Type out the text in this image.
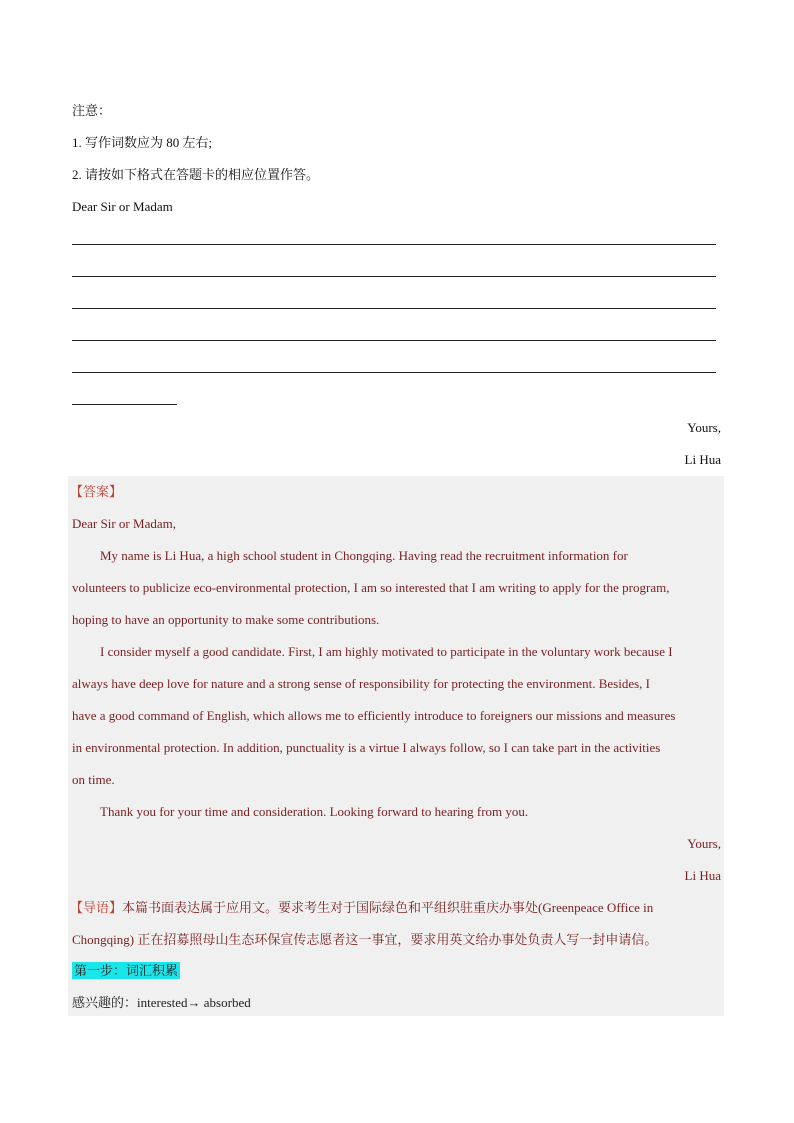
注意：
1. 写作词数应为 80 左右;
2. 请按如下格式在答题卡的相应位置作答。
Dear Sir or Madam
Yours,
Li Hua
【答案】
Dear Sir or Madam,
My name is Li Hua, a high school student in Chongqing. Having read the recruitment information for
volunteers to publicize eco-environmental protection, I am so interested that I am writing to apply for the program,
hoping to have an opportunity to make some contributions.
I consider myself a good candidate. First, I am highly motivated to participate in the voluntary work because I
always have deep love for nature and a strong sense of responsibility for protecting the environment. Besides, I
have a good command of English, which allows me to efficiently introduce to foreigners our missions and measures
in environmental protection. In addition, punctuality is a virtue I always follow, so I can take part in the activities
on time.
Thank you for your time and consideration. Looking forward to hearing from you.
Yours,
Li Hua
【导语】本篇书面表达属于应用文。要求考生对于国际绿色和平组织驻重庆办事处(Greenpeace Office in
Chongqing) 正在招募照母山生态环保宣传志愿者这一事宜，要求用英文给办事处负责人写一封申请信。
第一步：词汇积累
感兴趣的：interested→ absorbed
